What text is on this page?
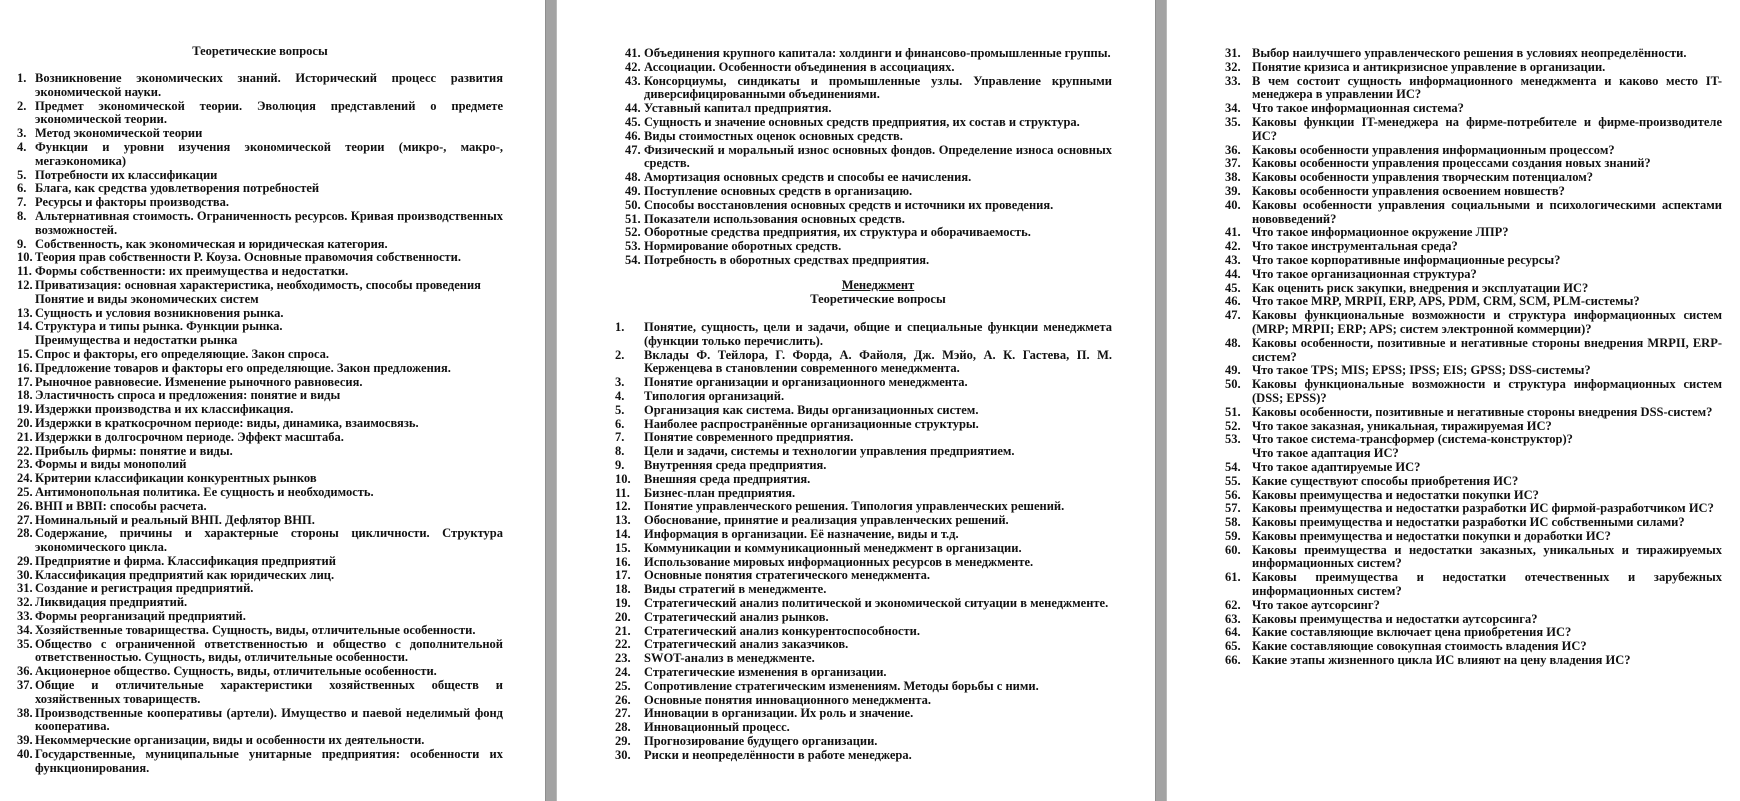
Теоретические вопросы
1. Возникновение экономических знаний. Исторический процесс развития экономической науки.
2. Предмет экономической теории. Эволюция представлений о предмете экономической теории.
3. Метод экономической теории
4. Функции и уровни изучения экономической теории (микро-, макро-, мегаэкономика)
5. Потребности их классификации
6. Блага, как средства удовлетворения потребностей
7. Ресурсы и факторы производства.
8. Альтернативная стоимость. Ограниченность ресурсов. Кривая производственных возможностей.
9. Собственность, как экономическая и юридическая категория.
10. Теория прав собственности Р. Коуза. Основные правомочия собственности.
11. Формы собственности: их преимущества и недостатки.
12. Приватизация: основная характеристика, необходимость, способы проведения
Понятие и виды экономических систем
13. Сущность и условия возникновения рынка.
14. Структура и типы рынка. Функции рынка.
Преимущества и недостатки рынка
15. Спрос и факторы, его определяющие. Закон спроса.
16. Предложение товаров и факторы его определяющие. Закон предложения.
17. Рыночное равновесие. Изменение рыночного равновесия.
18. Эластичность спроса и предложения: понятие и виды
19. Издержки производства и их классификация.
20. Издержки в краткосрочном периоде: виды, динамика, взаимосвязь.
21. Издержки в долгосрочном периоде. Эффект масштаба.
22. Прибыль фирмы: понятие и виды.
23. Формы и виды монополий
24. Критерии классификации конкурентных рынков
25. Антимонопольная политика. Ее сущность и необходимость.
26. ВНП и ВВП: способы расчета.
27. Номинальный и реальный ВНП. Дефлятор ВНП.
28. Содержание, причины и характерные стороны цикличности. Структура экономического цикла.
29. Предприятие и фирма. Классификация предприятий
30. Классификация предприятий как юридических лиц.
31. Создание и регистрация предприятий.
32. Ликвидация предприятий.
33. Формы реорганизаций предприятий.
34. Хозяйственные товарищества. Сущность, виды, отличительные особенности.
35. Общество с ограниченной ответственностью и общество с дополнительной ответственностью. Сущность, виды, отличительные особенности.
36. Акционерное общество. Сущность, виды, отличительные особенности.
37. Общие и отличительные характеристики хозяйственных обществ и хозяйственных товариществ.
38. Производственные кооперативы (артели). Имущество и паевой неделимый фонд кооператива.
39. Некоммерческие организации, виды и особенности их деятельности.
40. Государственные, муниципальные унитарные предприятия: особенности их функционирования.
41. Объединения крупного капитала: холдинги и финансово-промышленные группы.
42. Ассоциации. Особенности объединения в ассоциациях.
43. Консорциумы, синдикаты и промышленные узлы. Управление крупными диверсифицированными объединениями.
44. Уставный капитал предприятия.
45. Сущность и значение основных средств предприятия, их состав и структура.
46. Виды стоимостных оценок основных средств.
47. Физический и моральный износ основных фондов. Определение износа основных средств.
48. Амортизация основных средств и способы ее начисления.
49. Поступление основных средств в организацию.
50. Способы восстановления основных средств и источники их проведения.
51. Показатели использования основных средств.
52. Оборотные средства предприятия, их структура и оборачиваемость.
53. Нормирование оборотных средств.
54. Потребность в оборотных средствах предприятия.
Менеджмент
Теоретические вопросы
1.	Понятие, сущность, цели и задачи, общие и специальные функции менеджмета (функции только перечислить).
2.	Вклады Ф. Тейлора, Г. Форда, А. Файоля, Дж. Мэйо, А. К. Гастева, П. М. Керженцева в становлении современного менеджмента.
3.	Понятие организации и организационного менеджмента.
4.	Типология организаций.
5.	Организация как система. Виды организационных систем.
6.	Наиболее распространённые организационные структуры.
7.	Понятие современного предприятия.
8.	Цели и задачи, системы и технологии управления предприятием.
9.	Внутренняя среда предприятия.
10.	Внешняя среда предприятия.
11.	Бизнес-план предприятия.
12.	Понятие управленческого решения. Типология управленческих решений.
13.	Обоснование, принятие и реализация управленческих решений.
14.	Информация в организации. Её назначение, виды и т.д.
15.	Коммуникации и коммуникационный менеджмент в организации.
16.	Использование мировых информационных ресурсов в менеджменте.
17.	Основные понятия стратегического менеджмента.
18.	Виды стратегий в менеджменте.
19.	Стратегический анализ политической и экономической ситуации в менеджменте.
20.	Стратегический анализ рынков.
21.	Стратегический анализ конкурентоспособности.
22.	Стратегический анализ заказчиков.
23.	SWOT-анализ в менеджменте.
24.	Стратегические изменения в организации.
25.	Сопротивление стратегическим изменениям. Методы борьбы с ними.
26.	Основные понятия инновационного менеджмента.
27.	Инновации в организации. Их роль и значение.
28.	Инновационный процесс.
29.	Прогнозирование будущего организации.
30.	Риски и неопределённости в работе менеджера.
31. Выбор наилучшего управленческого решения в условиях неопределённости.
32. Понятие кризиса и антикризисное управление в организации.
33. В чем состоит сущность информационного менеджмента и каково место IT-менеджера в управлении ИС?
34. Что такое информационная система?
35. Каковы функции IT-менеджера на фирме-потребителе и фирме-производителе ИС?
36. Каковы особенности управления информационным процессом?
37. Каковы особенности управления процессами создания новых знаний?
38. Каковы особенности управления творческим потенциалом?
39. Каковы особенности управления освоением новшеств?
40. Каковы особенности управления социальными и психологическими аспектами нововведений?
41. Что такое информационное окружение ЛПР?
42. Что такое инструментальная среда?
43. Что такое корпоративные информационные ресурсы?
44. Что такое организационная структура?
45. Как оценить риск закупки, внедрения и эксплуатации ИС?
46. Что такое MRP, MRPII, ERP, APS, PDM, CRM, SCM, PLM-системы?
47. Каковы функциональные возможности и структура информационных систем (MRP; MRPII; ERP; APS; систем электронной коммерции)?
48. Каковы особенности, позитивные и негативные стороны внедрения MRPII, ERP-систем?
49. Что такое TPS; MIS; EPSS; IPSS; EIS; GPSS; DSS-системы?
50. Каковы функциональные возможности и структура информационных систем (DSS; EPSS)?
51. Каковы особенности, позитивные и негативные стороны внедрения DSS-систем?
52. Что такое заказная, уникальная, тиражируемая ИС?
53. Что такое система-трансформер (система-конструктор)?
Что такое адаптация ИС?
54. Что такое адаптируемые ИС?
55. Какие существуют способы приобретения ИС?
56. Каковы преимущества и недостатки покупки ИС?
57. Каковы преимущества и недостатки разработки ИС фирмой-разработчиком ИС?
58. Каковы преимущества и недостатки разработки ИС собственными силами?
59. Каковы преимущества и недостатки покупки и доработки ИС?
60. Каковы преимущества и недостатки заказных, уникальных и тиражируемых информационных систем?
61. Каковы преимущества и недостатки отечественных и зарубежных информационных систем?
62. Что такое аутсорсинг?
63. Каковы преимущества и недостатки аутсорсинга?
64. Какие составляющие включает цена приобретения ИС?
65. Какие составляющие совокупная стоимость владения ИС?
66. Какие этапы жизненного цикла ИС влияют на цену владения ИС?
